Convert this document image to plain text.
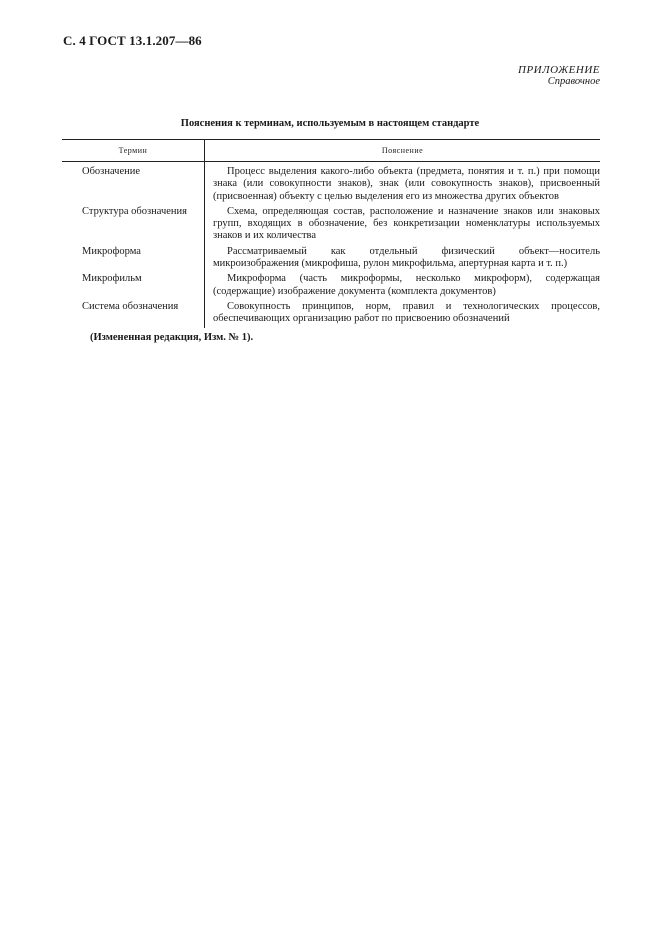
С. 4 ГОСТ 13.1.207—86
ПРИЛОЖЕНИЕ
Справочное
Пояснения к терминам, используемым в настоящем стандарте
Термин	Пояснение
Обозначение	Процесс выделения какого-либо объекта (предмета, понятия и т. п.) при помощи знака (или совокупности знаков), знак (или совокупность знаков), присвоенный (присвоенная) объекту с целью выделения его из множества других объектов
Структура обозначения	Схема, определяющая состав, расположение и назначение знаков или знаковых групп, входящих в обозначение, без конкретизации номенклатуры используемых знаков и их количества
Микроформа	Рассматриваемый как отдельный физический объект—носитель микроизображения (микрофиша, рулон микрофильма, апертурная карта и т. п.)
Микрофильм	Микроформа (часть микроформы, несколько микроформ), содержащая (содержащие) изображение документа (комплекта документов)
Система обозначения	Совокупность принципов, норм, правил и технологических процессов, обеспечивающих организацию работ по присвоению обозначений
(Измененная редакция, Изм. № 1).
